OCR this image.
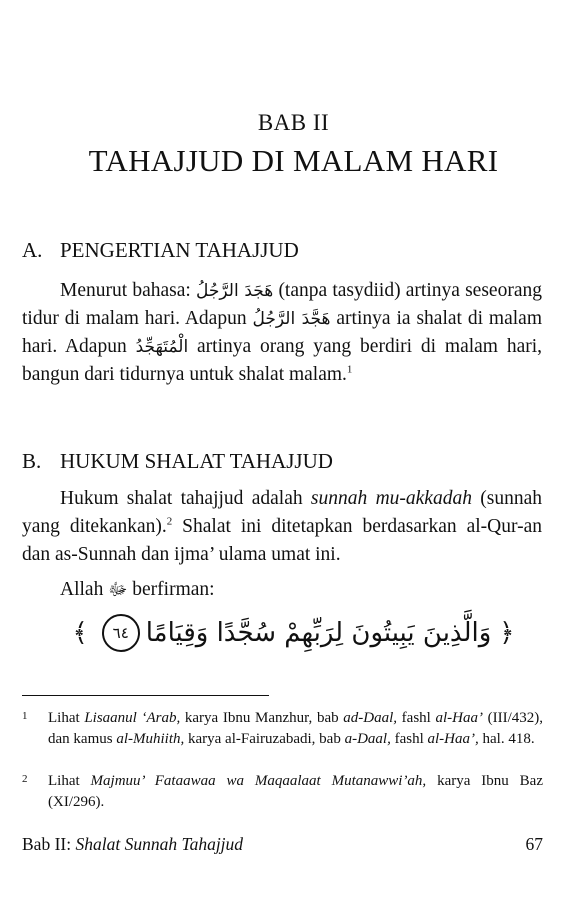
BAB II
TAHAJJUD DI MALAM HARI
A. PENGERTIAN TAHAJJUD
Menurut bahasa: هَجَدَ الرَّجُلُ (tanpa tasydiid) artinya seseorang tidur di malam hari. Adapun هَجَّدَ الرَّجُلُ artinya ia shalat di malam hari. Adapun الْمُتَهَجِّدُ artinya orang yang berdiri di malam hari, bangun dari tidurnya untuk shalat malam.$^1$
B. HUKUM SHALAT TAHAJJUD
Hukum shalat tahajjud adalah sunnah mu-akkadah (sunnah yang ditekankan).$^2$ Shalat ini ditetapkan berdasarkan al-Qur-an dan as-Sunnah dan ijma’ ulama umat ini.
Allah ﷻ berfirman:
﴿
وَالَّذِينَ يَبِيتُونَ لِرَبِّهِمْ سُجَّدًا وَقِيَامًا
٦٤
﴾
1 Lihat Lisaanul ‘Arab, karya Ibnu Manzhur, bab ad-Daal, fashl al-Haa’ (III/432), dan kamus al-Muhiith, karya al-Fairuzabadi, bab a-Daal, fashl al-Haa’, hal. 418.
2 Lihat Majmuu’ Fataawaa wa Maqaalaat Mutanawwi’ah, karya Ibnu Baz (XI/296).
Bab II: Shalat Sunnah Tahajjud	67
